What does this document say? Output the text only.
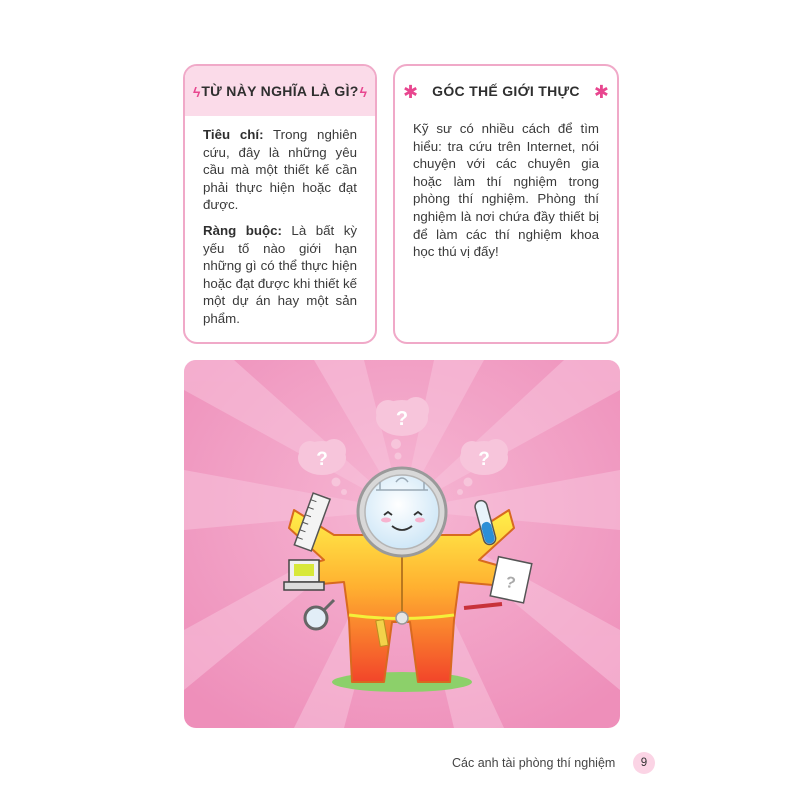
ϟ TỪ NÀY NGHĨA LÀ GÌ? ϟ

Tiêu chí: Trong nghiên cứu, đây là những yêu cầu mà một thiết kế cần phải thực hiện hoặc đạt được.

Ràng buộc: Là bất kỳ yếu tố nào giới hạn những gì có thể thực hiện hoặc đạt được khi thiết kế một dự án hay một sản phẩm.

✱ GÓC THẾ GIỚI THỰC ✱

Kỹ sư có nhiều cách để tìm hiểu: tra cứu trên Internet, nói chuyện với các chuyên gia hoặc làm thí nghiệm trong phòng thí nghiệm. Phòng thí nghiệm là nơi chứa đầy thiết bị để làm các thí nghiệm khoa học thú vị đấy!

?
?	?
?
Các anh tài phòng thí nghiệm	9
